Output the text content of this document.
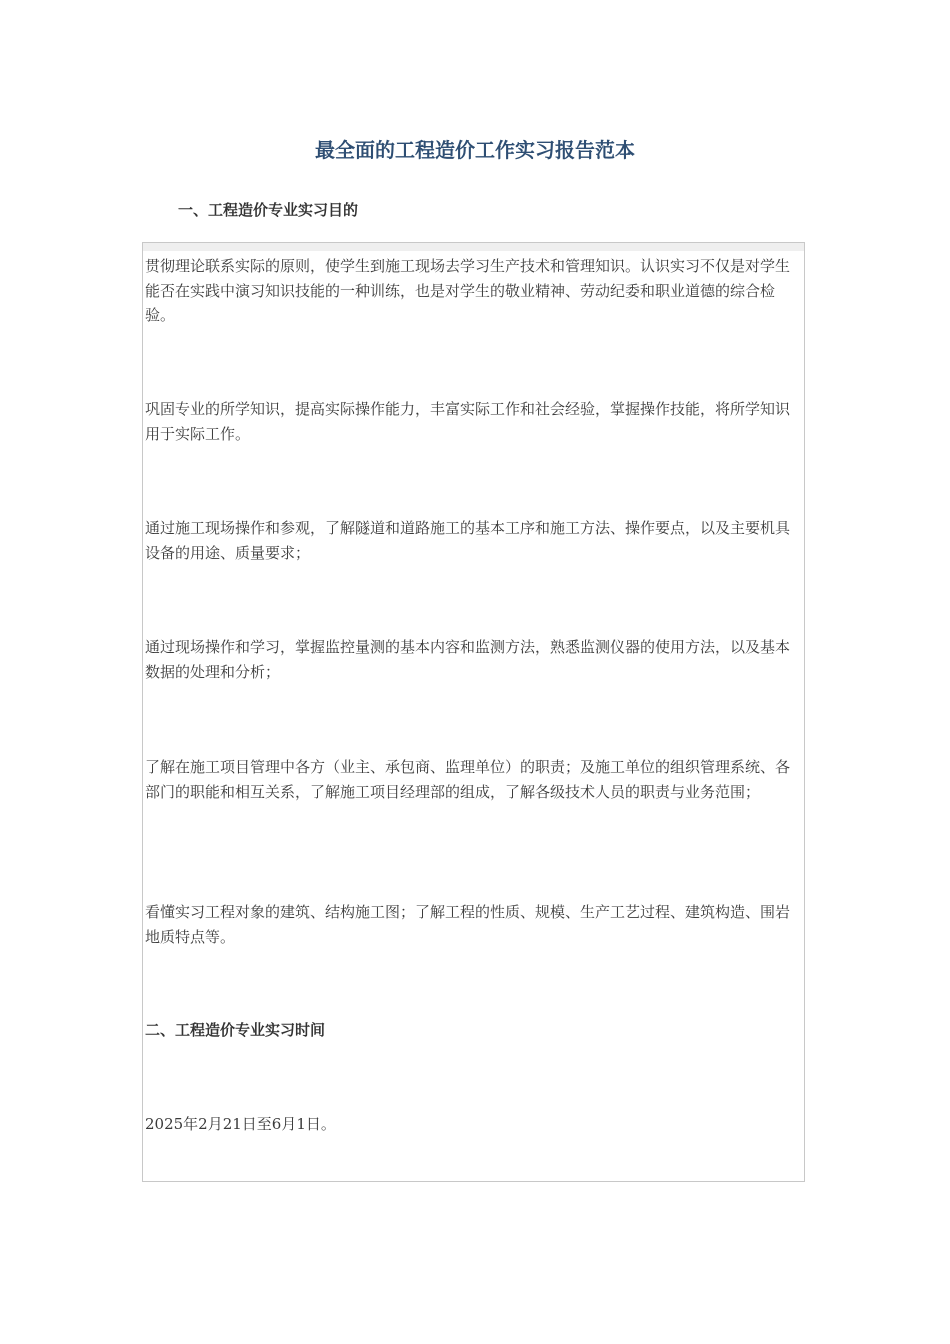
最全面的工程造价工作实习报告范本
一、工程造价专业实习目的

贯彻理论联系实际的原则，使学生到施工现场去学习生产技术和管理知识。认识实习不仅是对学生能否在实践中演习知识技能的一种训练，也是对学生的敬业精神、劳动纪委和职业道德的综合检验。

巩固专业的所学知识，提高实际操作能力，丰富实际工作和社会经验，掌握操作技能，将所学知识用于实际工作。

通过施工现场操作和参观，了解隧道和道路施工的基本工序和施工方法、操作要点，以及主要机具设备的用途、质量要求；

通过现场操作和学习，掌握监控量测的基本内容和监测方法，熟悉监测仪器的使用方法，以及基本数据的处理和分析；

了解在施工项目管理中各方（业主、承包商、监理单位）的职责；及施工单位的组织管理系统、各部门的职能和相互关系，了解施工项目经理部的组成，了解各级技术人员的职责与业务范围；

看懂实习工程对象的建筑、结构施工图；了解工程的性质、规模、生产工艺过程、建筑构造、围岩地质特点等。

二、工程造价专业实习时间
2025年2月21日至6月1日。
